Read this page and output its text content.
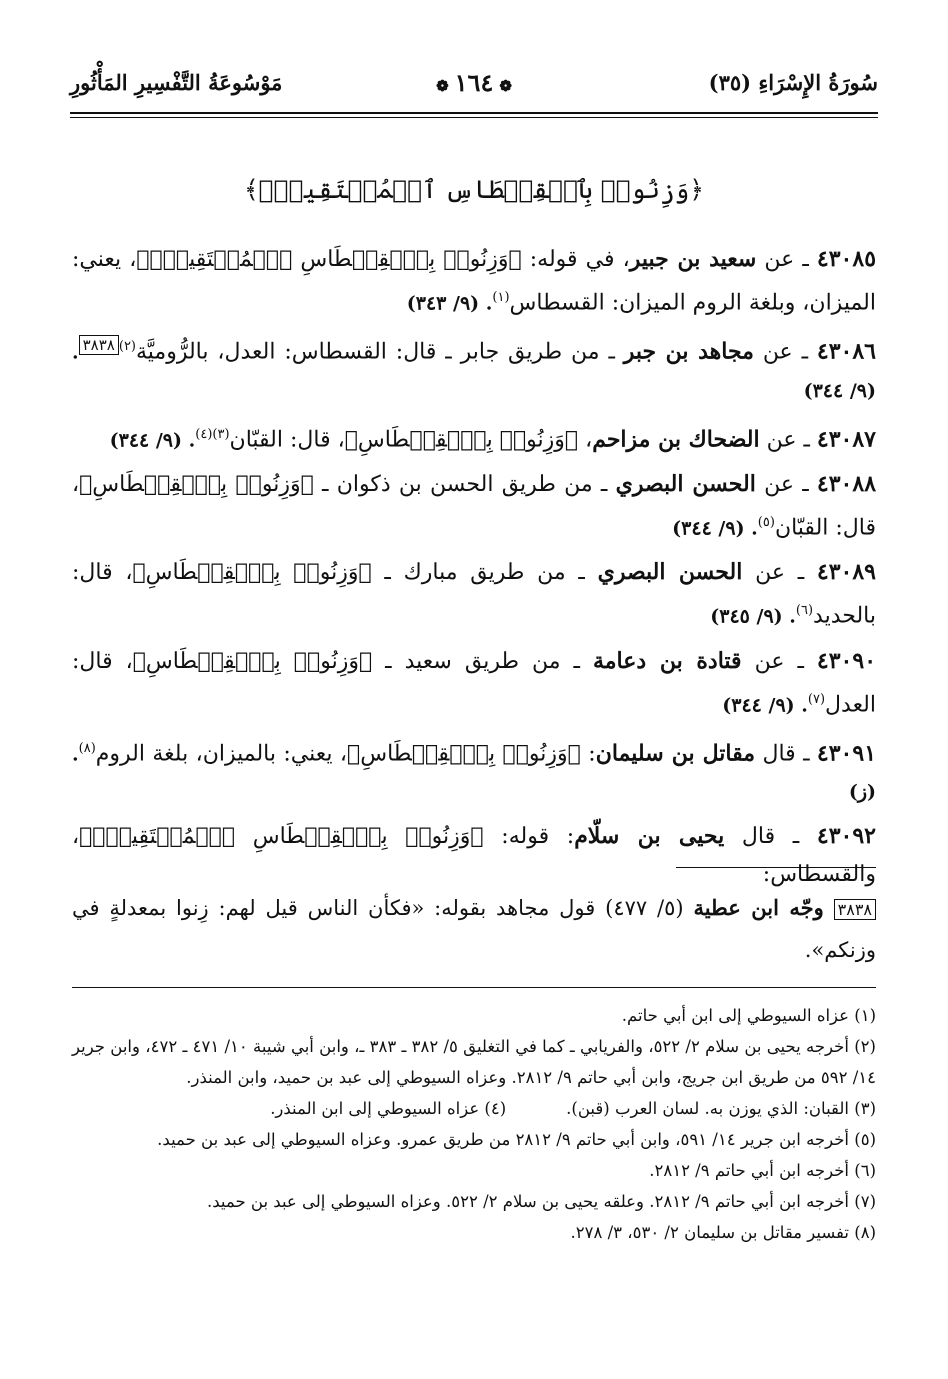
سُورَةُ الإِسْرَاءِ (٣٥)
❁١٦٤❁
مَوْسُوعَةُ التَّفْسِيرِ المَأْثُورِ
﴿وَزِنُوا۟ بِٱلۡقِسۡطَاسِ ٱلۡمُسۡتَقِيمِۚ﴾

٤٣٠٨٥ ـ عن سعيد بن جبير، في قوله: ﴿وَزِنُوا۟ بِٱلۡقِسۡطَاسِ ٱلۡمُسۡتَقِيمِۚ﴾، يعني: الميزان، وبلغة الروم الميزان: القسطاس$^{(١)}$. (٩/ ٣٤٣)

٤٣٠٨٦ ـ عن مجاهد بن جبر ـ من طريق جابر ـ قال: القسطاس: العدل، بالرُّوميَّة$^{(٢)٣٨٣٨}$. (٩/ ٣٤٤)

٤٣٠٨٧ ـ عن الضحاك بن مزاحم، ﴿وَزِنُوا۟ بِٱلۡقِسۡطَاسِ﴾، قال: القبّان$^{(٣)(٤)}$. (٩/ ٣٤٤)

٤٣٠٨٨ ـ عن الحسن البصري ـ من طريق الحسن بن ذكوان ـ ﴿وَزِنُوا۟ بِٱلۡقِسۡطَاسِ﴾، قال: القبّان$^{(٥)}$. (٩/ ٣٤٤)

٤٣٠٨٩ ـ عن الحسن البصري ـ من طريق مبارك ـ ﴿وَزِنُوا۟ بِٱلۡقِسۡطَاسِ﴾، قال: بالحديد$^{(٦)}$. (٩/ ٣٤٥)

٤٣٠٩٠ ـ عن قتادة بن دعامة ـ من طريق سعيد ـ ﴿وَزِنُوا۟ بِٱلۡقِسۡطَاسِ﴾، قال: العدل$^{(٧)}$. (٩/ ٣٤٤)

٤٣٠٩١ ـ قال مقاتل بن سليمان: ﴿وَزِنُوا۟ بِٱلۡقِسۡطَاسِ﴾، يعني: بالميزان، بلغة الروم$^{(٨)}$. (ز)

٤٣٠٩٢ ـ قال يحيى بن سلّام: قوله: ﴿وَزِنُوا۟ بِٱلۡقِسۡطَاسِ ٱلۡمُسۡتَقِيمِۚ﴾، والقسطاس:

٣٨٣٨ وجّه ابن عطية (٥/ ٤٧٧) قول مجاهد بقوله: «فكأن الناس قيل لهم: زِنوا بمعدلةٍ في وزنكم».
(١) عزاه السيوطي إلى ابن أبي حاتم.
(٢) أخرجه يحيى بن سلام ٢/ ٥٢٢، والفريابي ـ كما في التغليق ٥/ ٣٨٢ ـ ٣٨٣ ـ، وابن أبي شيبة ١٠/ ٤٧١ ـ ٤٧٢، وابن جرير ١٤/ ٥٩٢ من طريق ابن جريج، وابن أبي حاتم ٩/ ٢٨١٢. وعزاه السيوطي إلى عبد بن حميد، وابن المنذر.
(٣) القبان: الذي يوزن به. لسان العرب (قبن).
(٤) عزاه السيوطي إلى ابن المنذر.
(٥) أخرجه ابن جرير ١٤/ ٥٩١، وابن أبي حاتم ٩/ ٢٨١٢ من طريق عمرو. وعزاه السيوطي إلى عبد بن حميد.
(٦) أخرجه ابن أبي حاتم ٩/ ٢٨١٢.
(٧) أخرجه ابن أبي حاتم ٩/ ٢٨١٢. وعلقه يحيى بن سلام ٢/ ٥٢٢. وعزاه السيوطي إلى عبد بن حميد.
(٨) تفسير مقاتل بن سليمان ٢/ ٥٣٠، ٣/ ٢٧٨.
